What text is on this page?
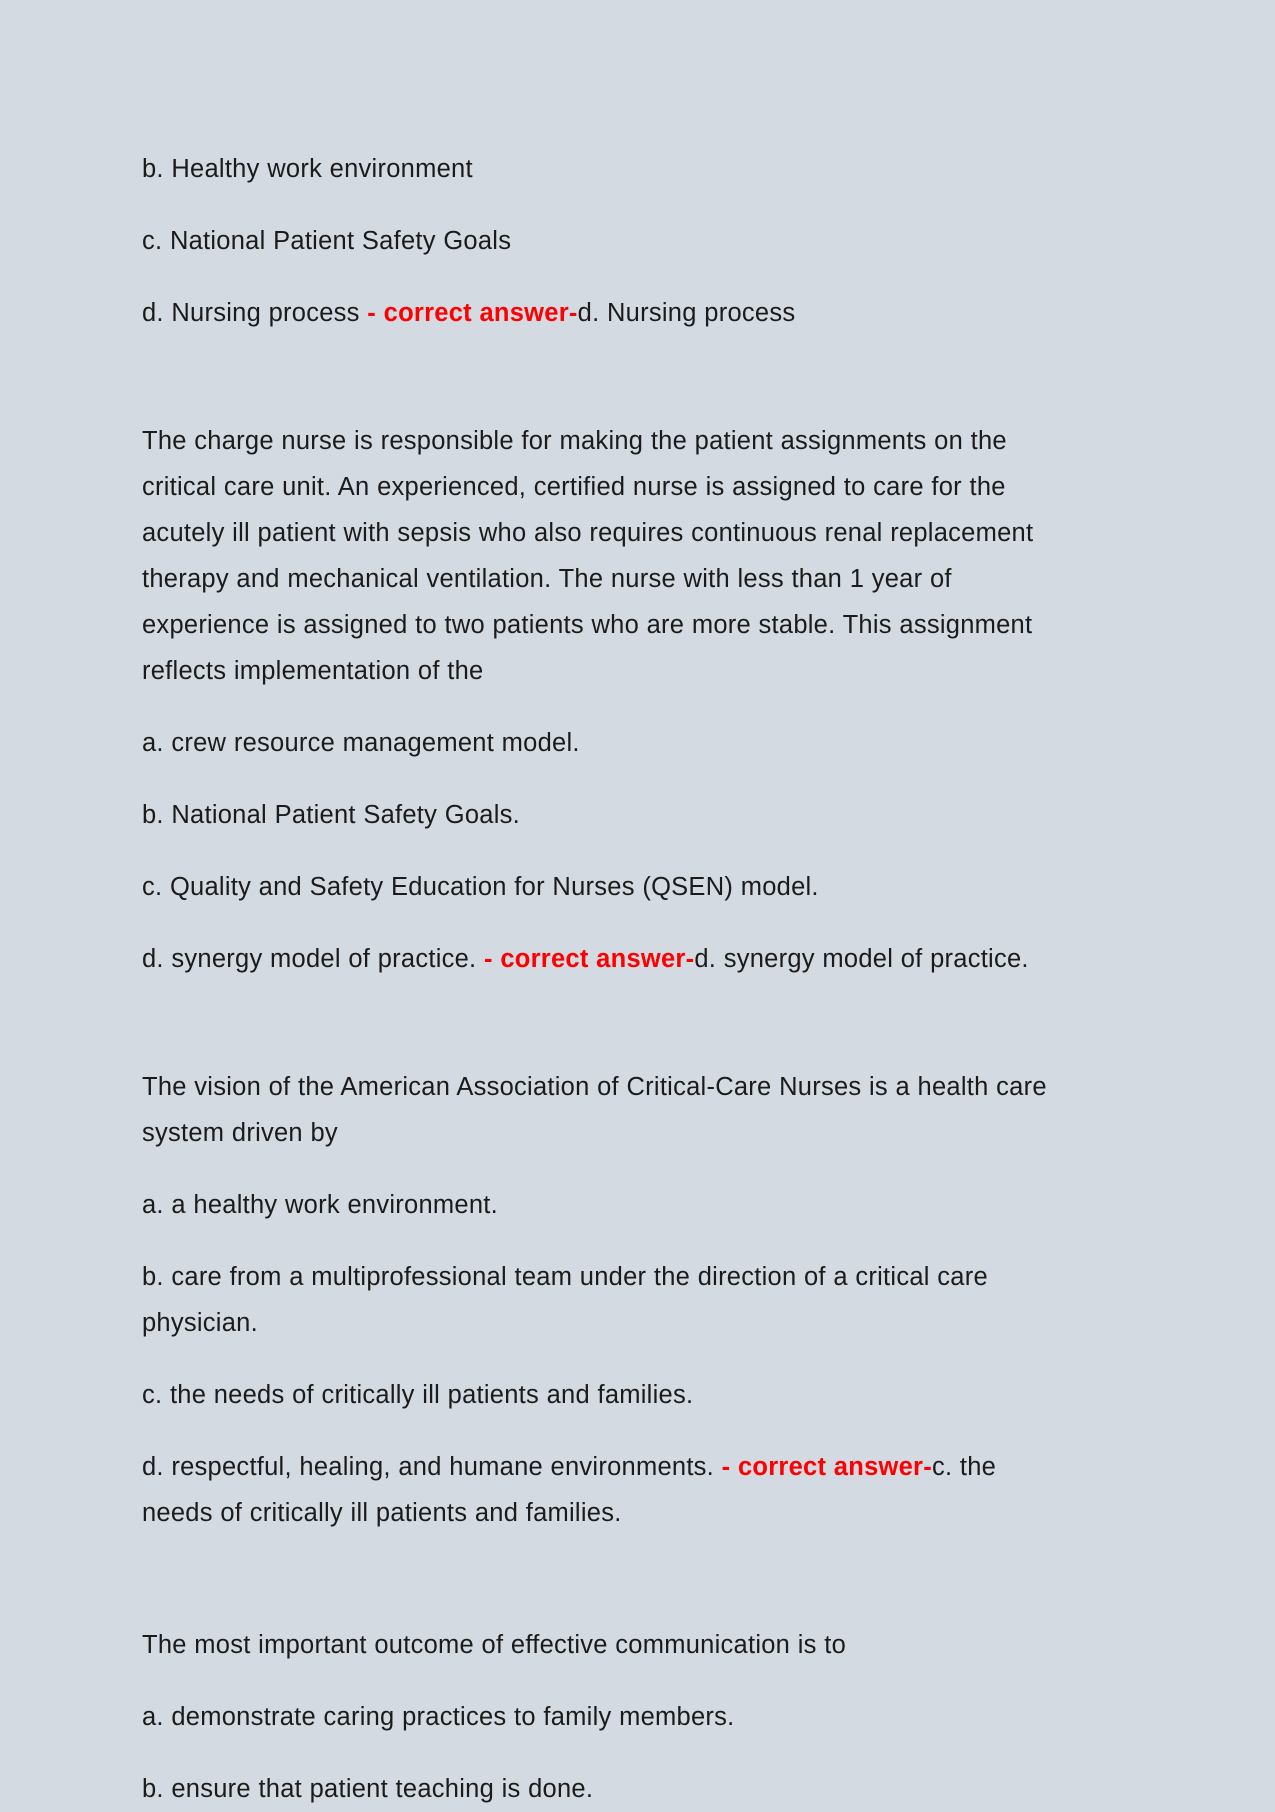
b. Healthy work environment

c. National Patient Safety Goals

d. Nursing process - correct answer-d. Nursing process

The charge nurse is responsible for making the patient assignments on the critical care unit. An experienced, certified nurse is assigned to care for the acutely ill patient with sepsis who also requires continuous renal replacement therapy and mechanical ventilation. The nurse with less than 1 year of experience is assigned to two patients who are more stable. This assignment reflects implementation of the

a. crew resource management model.

b. National Patient Safety Goals.

c. Quality and Safety Education for Nurses (QSEN) model.

d. synergy model of practice. - correct answer-d. synergy model of practice.

The vision of the American Association of Critical-Care Nurses is a health care system driven by

a. a healthy work environment.

b. care from a multiprofessional team under the direction of a critical care physician.

c. the needs of critically ill patients and families.

d. respectful, healing, and humane environments. - correct answer-c. the needs of critically ill patients and families.

The most important outcome of effective communication is to

a. demonstrate caring practices to family members.

b. ensure that patient teaching is done.
